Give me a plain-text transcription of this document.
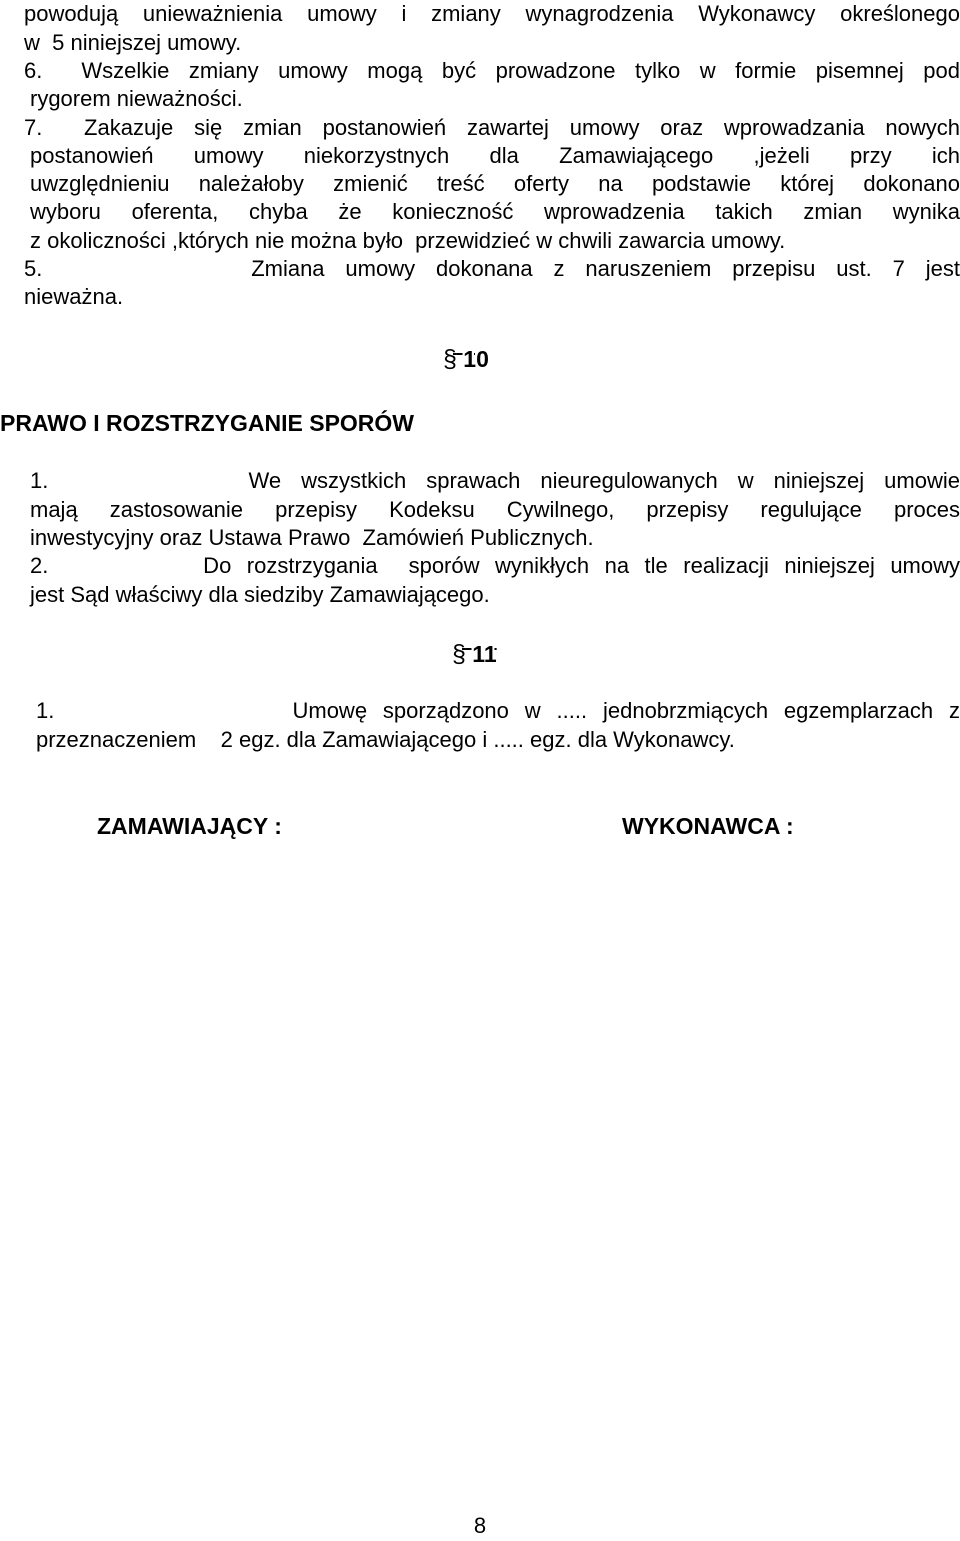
powodują unieważnienia umowy i zmiany wynagrodzenia Wykonawcy określonego

w  5 niniejszej umowy.

6.  Wszelkie zmiany umowy mogą być prowadzone tylko w formie pisemnej pod

rygorem nieważności.

7.  Zakazuje się zmian postanowień zawartej umowy oraz wprowadzania nowych

postanowień umowy niekorzystnych dla Zamawiającego ,jeżeli przy ich

uwzględnieniu należałoby zmienić treść oferty na podstawie której dokonano

wyboru oferenta, chyba że konieczność wprowadzenia takich zmian wynika

z okoliczności ,których nie można było  przewidzieć w chwili zawarcia umowy.

5.          Zmiana umowy dokonana z naruszeniem przepisu ust. 7 jest

nieważna.

§ 10

PRAWO I ROZSTRZYGANIE SPORÓW

1.          We wszystkich sprawach nieuregulowanych w niniejszej umowie

mają zastosowanie przepisy Kodeksu Cywilnego, przepisy regulujące proces

inwestycyjny oraz Ustawa Prawo  Zamówień Publicznych.

2.          Do rozstrzygania  sporów wynikłych na tle realizacji niniejszej umowy

jest Sąd właściwy dla siedziby Zamawiającego.

§ 11

1.               Umowę sporządzono w ..... jednobrzmiących egzemplarzach z

przeznaczeniem    2 egz. dla Zamawiającego i ..... egz. dla Wykonawcy.

ZAMAWIAJĄCY :	WYKONAWCA :

8
